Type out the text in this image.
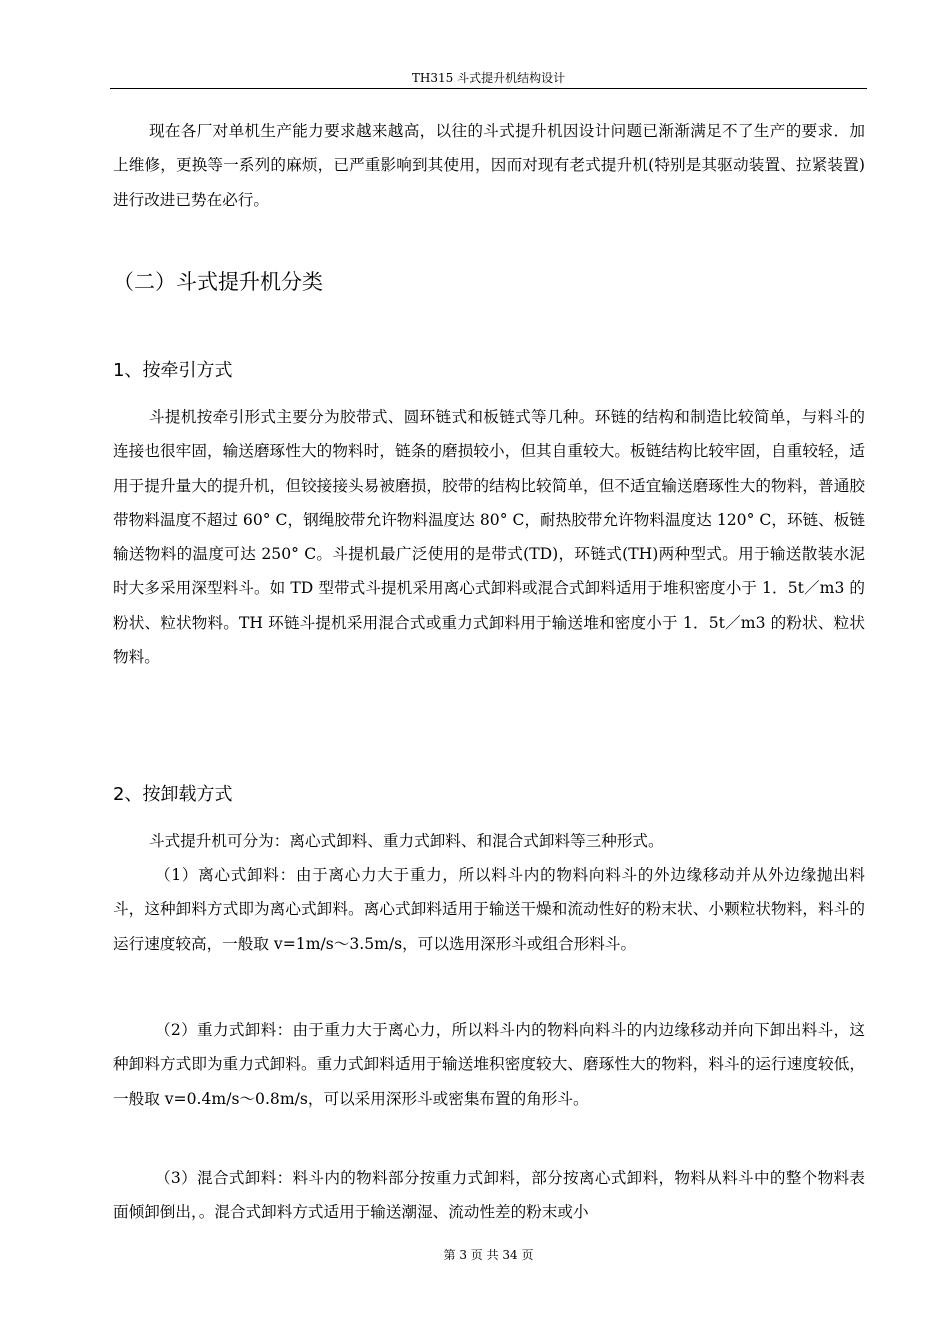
TH315 斗式提升机结构设计

现在各厂对单机生产能力要求越来越高，以往的斗式提升机因设计问题已渐渐满足不了生产的要求．加上维修，更换等一系列的麻烦，已严重影响到其使用，因而对现有老式提升机(特别是其驱动装置、拉紧装置)进行改进已势在必行。

（二）斗式提升机分类
1、按牵引方式

斗提机按牵引形式主要分为胶带式、圆环链式和板链式等几种。环链的结构和制造比较简单，与料斗的连接也很牢固，输送磨琢性大的物料时，链条的磨损较小，但其自重较大。板链结构比较牢固，自重较轻，适用于提升量大的提升机，但铰接接头易被磨损，胶带的结构比较简单，但不适宜输送磨琢性大的物料，普通胶带物料温度不超过 60° C，钢绳胶带允许物料温度达 80° C，耐热胶带允许物料温度达 120° C，环链、板链输送物料的温度可达 250° C。斗提机最广泛使用的是带式(TD)，环链式(TH)两种型式。用于输送散装水泥时大多采用深型料斗。如 TD 型带式斗提机采用离心式卸料或混合式卸料适用于堆积密度小于 1．5t／m3 的粉状、粒状物料。TH 环链斗提机采用混合式或重力式卸料用于输送堆和密度小于 1．5t／m3 的粉状、粒状物料。

2、按卸载方式

斗式提升机可分为：离心式卸料、重力式卸料、和混合式卸料等三种形式。

（1）离心式卸料：由于离心力大于重力，所以料斗内的物料向料斗的外边缘移动并从外边缘抛出料斗，这种卸料方式即为离心式卸料。离心式卸料适用于输送干燥和流动性好的粉末状、小颗粒状物料，料斗的运行速度较高，一般取 v=1m/s～3.5m/s，可以选用深形斗或组合形料斗。

（2）重力式卸料：由于重力大于离心力，所以料斗内的物料向料斗的内边缘移动并向下卸出料斗，这种卸料方式即为重力式卸料。重力式卸料适用于输送堆积密度较大、磨琢性大的物料，料斗的运行速度较低，一般取 v=0.4m/s～0.8m/s，可以采用深形斗或密集布置的角形斗。

（3）混合式卸料：料斗内的物料部分按重力式卸料，部分按离心式卸料，物料从料斗中的整个物料表面倾卸倒出，。混合式卸料方式适用于输送潮湿、流动性差的粉末或小

第 3 页 共 34 页
